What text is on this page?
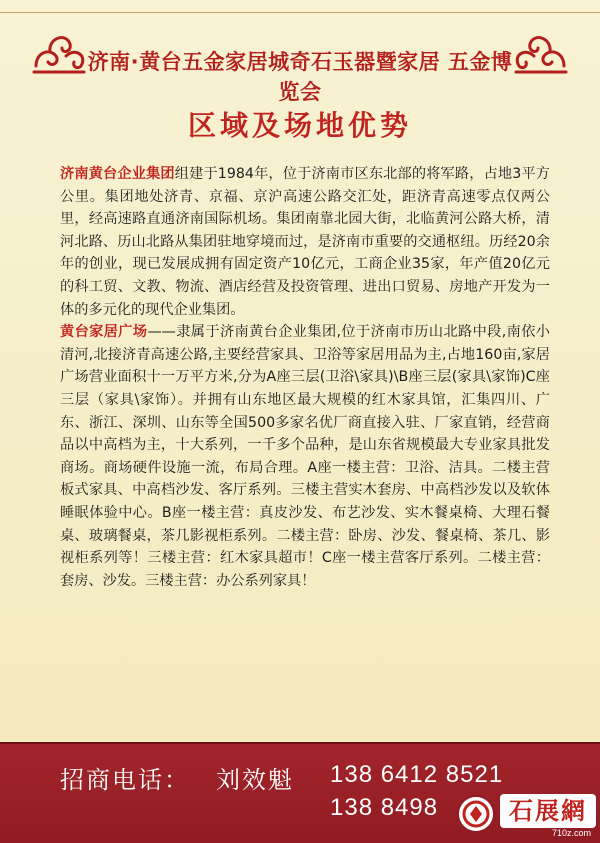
济南·黄台五金家居城奇石玉器暨家居 五金博览会
区域及场地优势

济南黄台企业集团组建于1984年，位于济南市区东北部的将军路，占地3平方公里。集团地处济青、京福、京沪高速公路交汇处，距济青高速零点仅两公里，经高速路直通济南国际机场。集团南靠北园大街，北临黄河公路大桥，清河北路、历山北路从集团驻地穿境而过，是济南市重要的交通枢纽。历经20余年的创业，现已发展成拥有固定资产10亿元，工商企业35家，年产值20亿元的科工贸、文教、物流、酒店经营及投资管理、进出口贸易、房地产开发为一体的多元化的现代企业集团。

黄台家居广场——隶属于济南黄台企业集团,位于济南市历山北路中段,南依小清河,北接济青高速公路,主要经营家具、卫浴等家居用品为主,占地160亩,家居广场营业面积十一万平方米,分为A座三层(卫浴\家具)\B座三层(家具\家饰)C座三层（家具\家饰）。并拥有山东地区最大规模的红木家具馆，汇集四川、广东、浙江、深圳、山东等全国500多家名优厂商直接入驻、厂家直销，经营商品以中高档为主，十大系列，一千多个品种，是山东省规模最大专业家具批发商场。商场硬件设施一流，布局合理。A座一楼主营：卫浴、洁具。二楼主营板式家具、中高档沙发、客厅系列。三楼主营实木套房、中高档沙发以及软体睡眠体验中心。B座一楼主营：真皮沙发、布艺沙发、实木餐桌椅、大理石餐桌、玻璃餐桌，茶几影视柜系列。二楼主营：卧房、沙发、餐桌椅、茶几、影视柜系列等！三楼主营：红木家具超市！C座一楼主营客厅系列。二楼主营：套房、沙发。三楼主营：办公系列家具！

招商电话： 刘效魁 138 6412 8521
138 8498	石展網
710z.com
